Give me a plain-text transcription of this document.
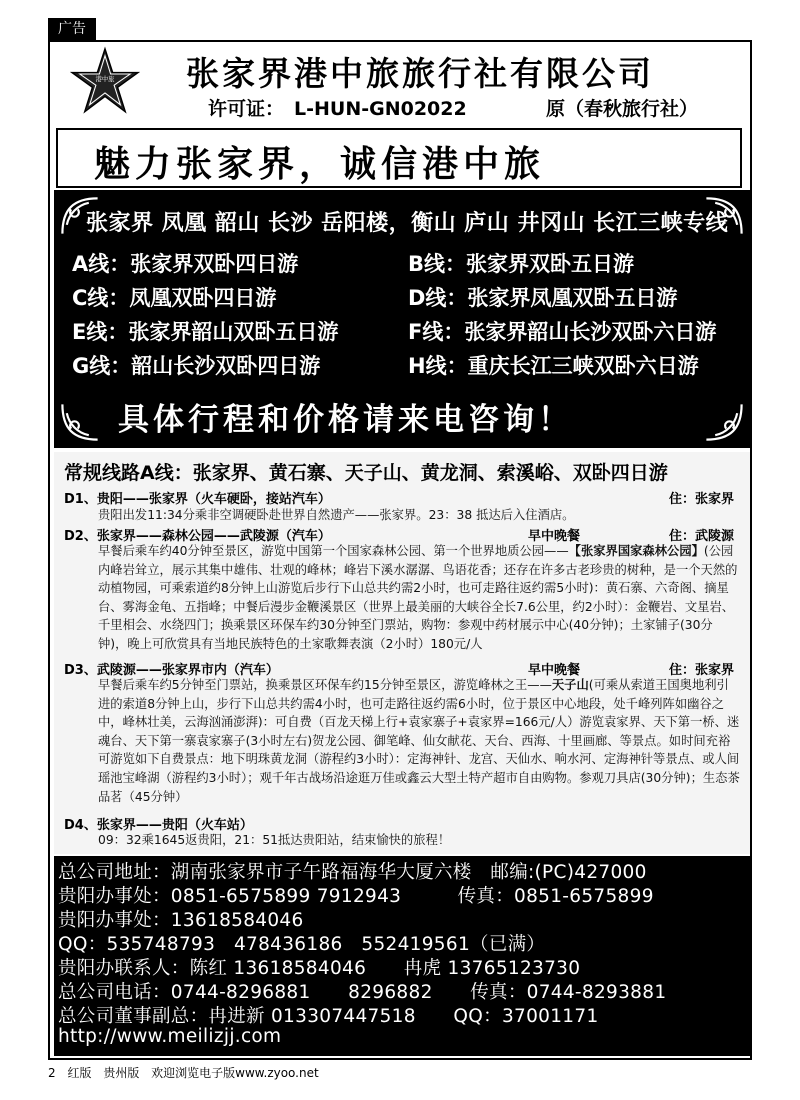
广告
港中旅 张家界港中旅旅行社有限公司
许可证： L-HUN-GN02022	原（春秋旅行社）
魅力张家界，诚信港中旅
张家界 凤凰 韶山 长沙 岳阳楼，衡山 庐山 井冈山 长江三峡专线
A线：张家界双卧四日游	B线：张家界双卧五日游
C线：凤凰双卧四日游	D线：张家界凤凰双卧五日游
E线：张家界韶山双卧五日游	F线：张家界韶山长沙双卧六日游
G线：韶山长沙双卧四日游	H线：重庆长江三峡双卧六日游
具体行程和价格请来电咨询！
常规线路A线：张家界、黄石寨、天子山、黄龙洞、索溪峪、双卧四日游
D1、贵阳——张家界（火车硬卧，接站汽车）	住：张家界
贵阳出发11:34分乘非空调硬卧赴世界自然遗产——张家界。23：38 抵达后入住酒店。
D2、张家界——森林公园——武陵源（汽车）	早中晚餐	住：武陵源
早餐后乘车约40分钟至景区，游览中国第一个国家森林公园、第一个世界地质公园——【张家界国家森林公园】(公园内峰岩耸立，展示其集中雄伟、壮观的峰林；峰岩下溪水潺潺、鸟语花香；还存在许多古老珍贵的树种，是一个天然的动植物园，可乘索道约8分钟上山游览后步行下山总共约需2小时，也可走路往返约需5小时)：黄石寨、六奇阁、摘星台、雾海金龟、五指峰；中餐后漫步金鞭溪景区（世界上最美丽的大峡谷全长7.6公里，约2小时）：金鞭岩、文星岩、千里相会、水绕四门；换乘景区环保车约30分钟至门票站，购物：参观中药材展示中心(40分钟)；土家铺子(30分钟)，晚上可欣赏具有当地民族特色的土家歌舞表演（2小时）180元/人
D3、武陵源——张家界市内（汽车）	早中晚餐	住：张家界
早餐后乘车约5分钟至门票站，换乘景区环保车约15分钟至景区，游览峰林之王——天子山(可乘从索道王国奥地利引进的索道8分钟上山，步行下山总共约需4小时，也可走路往返约需6小时，位于景区中心地段，处千峰列阵如幽谷之中，峰林壮美，云海汹涌澎湃)：可自费（百龙天梯上行+袁家寨子+袁家界=166元/人）游览袁家界、天下第一桥、迷魂台、天下第一寨袁家寨子(3小时左右)贺龙公园、御笔峰、仙女献花、天台、西海、十里画廊、等景点。如时间充裕可游览如下自费景点：地下明珠黄龙洞（游程约3小时）：定海神针、龙宫、天仙水、响水河、定海神针等景点、或人间瑶池宝峰湖（游程约3小时）；观千年古战场沿途逛万佳或鑫云大型土特产超市自由购物。参观刀具店(30分钟)；生态茶品茗（45分钟）
D4、张家界——贵阳（火车站）
09：32乘1645返贵阳，21：51抵达贵阳站，结束愉快的旅程！
总公司地址：湖南张家界市子午路福海华大厦六楼　邮编:(PC)427000
贵阳办事处：0851-6575899 7912943　　　传真：0851-6575899
贵阳办事处：13618584046
QQ：535748793　478436186　552419561（已满）
贵阳办联系人：陈红 13618584046　　冉虎 13765123730
总公司电话：0744-8296881　　8296882　　传真：0744-8293881
总公司董事副总：冉进新 013307447518　　QQ：37001171
http://www.meilizjj.com
2 红版 贵州版 欢迎浏览电子版www.zyoo.net
